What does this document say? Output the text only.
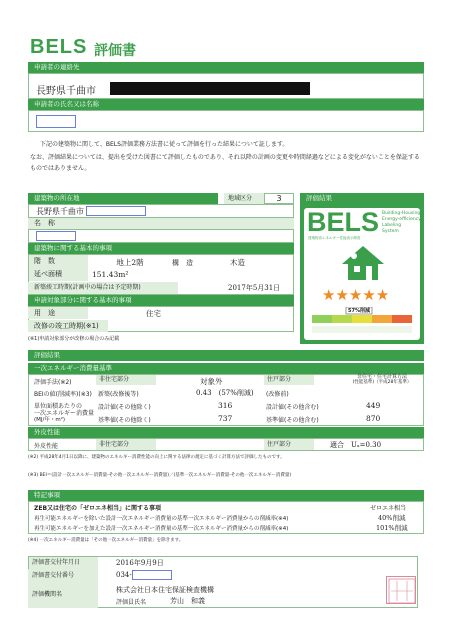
BELS 評価書
申請者の連絡先
長野県千曲市
申請者の氏名又は名称
下記の建築物に関して、BELS評価業務方法書に従って評価を行った結果について証します。
なお、評価結果については、提出を受けた図書にて評価したものであり、それ以降の計画の変更や時間経過などによる変化がないことを保証するものではありません。
建築物の所在地	地域区分	3
長野県千曲市
名　称
建築物に関する基本的事項
階　数	地上2階	構　造	木造
延べ面積	151.43m²
新築竣工時期(計画中の場合は予定時期)	2017年5月31日
申請対象部分に関する基本的事項
用　途	住宅
改修の竣工時期(※1)
(※1)申請対象部分が改修の場合のみ記載
評価結果
BELS Building-Housing
Energy-efficiency
Labeling
System
建築物省エネルギー性能表示制度
★★★★★
57%削減
評価結果
一次エネルギー消費量基準
評価手法(※2)	非住宅部分	対象外	住戸部分	非住宅・住宅計算方法
(性能基準)（平成28年基準）
BEIの値(削減率)(※3) 新築(改修後等)	0.43　(57%削減) (改修前)
単位面積あたりの
一次エネルギー消費量
(MJ/年・m²)
設計値(その他除く)	316	設計値(その他含む)	449
基準値(その他除く)	737	基準値(その他含む)	870
外皮性能
外皮性能	非住宅部分	住戸部分	適合　Uₐ=0.30
(※2) 平成28年4月1日以降に、建築物のエネルギー消費性能の向上に関する法律の規定に基づく計算方法で評価したものです。
(※3) BEI＝(設計一次エネルギー消費量-その他一次エネルギー消費量)／(基準一次エネルギー消費量-その他一次エネルギー消費量)
特記事項
ZEB又は住宅の「ゼロエネ相当」に関する事項	ゼロエネ相当
再生可能エネルギーを除いた設計一次エネルギー消費量の基準一次エネルギー消費量からの削減率(※4)	40%削減
再生可能エネルギーを加えた設計一次エネルギー消費量の基準一次エネルギー消費量からの削減率(※4)	101%削減
(※4) 一次エネルギー消費量は「その他一次エネルギー消費量」を除きます。
評価書交付年月日	2016年9月9日
評価書交付番号	034-
評価機関名
株式会社日本住宅保証検査機構
評価員氏名	芳山　和義
